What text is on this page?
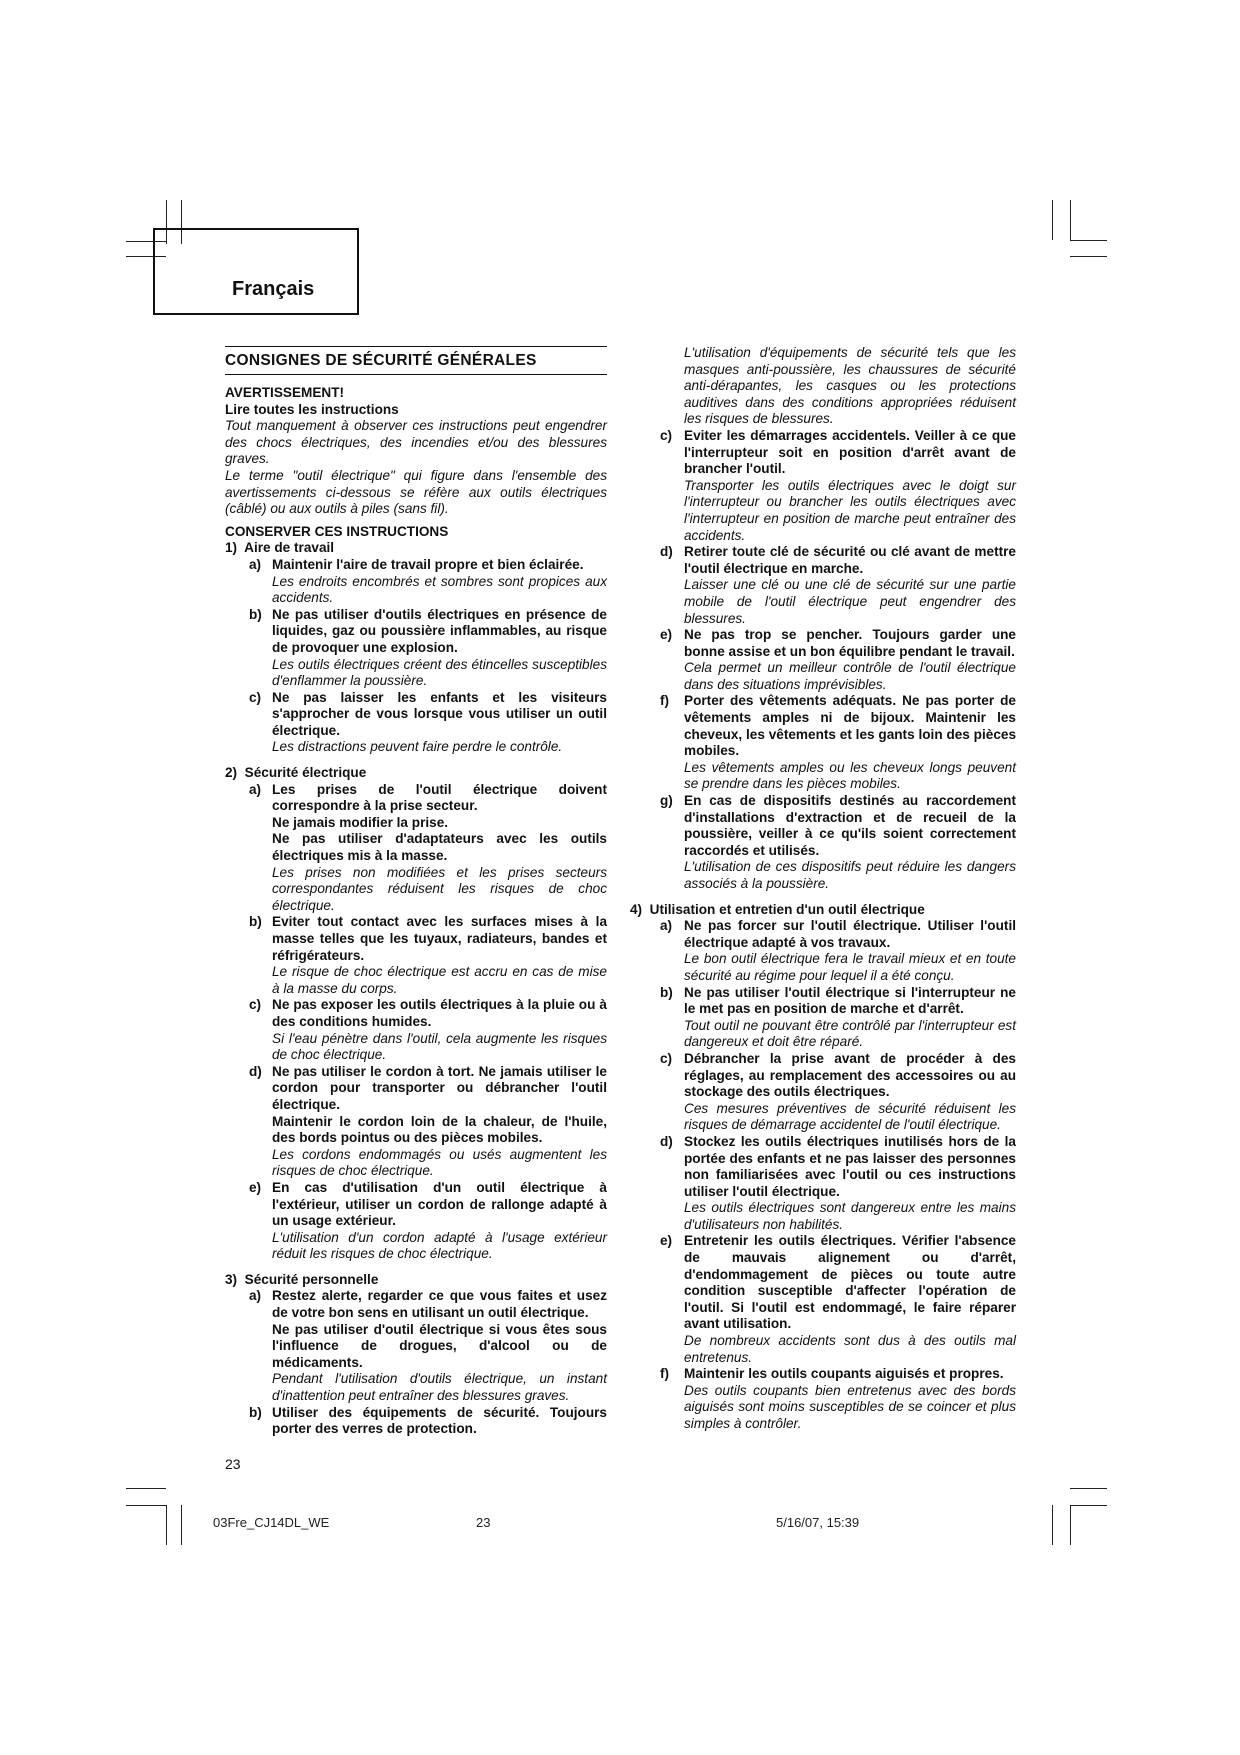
Français
CONSIGNES DE SÉCURITÉ GÉNÉRALES

AVERTISSEMENT!

Lire toutes les instructions

Tout manquement à observer ces instructions peut engendrer des chocs électriques, des incendies et/ou des blessures graves.

Le terme "outil électrique" qui figure dans l'ensemble des avertissements ci-dessous se réfère aux outils électriques (câblé) ou aux outils à piles (sans fil).

CONSERVER CES INSTRUCTIONS

1) Aire de travail

a) Maintenir l'aire de travail propre et bien éclairée.

Les endroits encombrés et sombres sont propices aux accidents.

b) Ne pas utiliser d'outils électriques en présence de liquides, gaz ou poussière inflammables, au risque de provoquer une explosion.

Les outils électriques créent des étincelles susceptibles d'enflammer la poussière.

c) Ne pas laisser les enfants et les visiteurs s'approcher de vous lorsque vous utiliser un outil électrique.

Les distractions peuvent faire perdre le contrôle.

2) Sécurité électrique

a) Les prises de l'outil électrique doivent correspondre à la prise secteur.

Ne jamais modifier la prise.

Ne pas utiliser d'adaptateurs avec les outils électriques mis à la masse.

Les prises non modifiées et les prises secteurs correspondantes réduisent les risques de choc électrique.

b) Eviter tout contact avec les surfaces mises à la masse telles que les tuyaux, radiateurs, bandes et réfrigérateurs.

Le risque de choc électrique est accru en cas de mise à la masse du corps.

c) Ne pas exposer les outils électriques à la pluie ou à des conditions humides.

Si l'eau pénètre dans l'outil, cela augmente les risques de choc électrique.

d) Ne pas utiliser le cordon à tort. Ne jamais utiliser le cordon pour transporter ou débrancher l'outil électrique.

Maintenir le cordon loin de la chaleur, de l'huile, des bords pointus ou des pièces mobiles.

Les cordons endommagés ou usés augmentent les risques de choc électrique.

e) En cas d'utilisation d'un outil électrique à l'extérieur, utiliser un cordon de rallonge adapté à un usage extérieur.

L'utilisation d'un cordon adapté à l'usage extérieur réduit les risques de choc électrique.

3) Sécurité personnelle

a) Restez alerte, regarder ce que vous faites et usez de votre bon sens en utilisant un outil électrique.

Ne pas utiliser d'outil électrique si vous êtes sous l'influence de drogues, d'alcool ou de médicaments.

Pendant l'utilisation d'outils électrique, un instant d'inattention peut entraîner des blessures graves.

b) Utiliser des équipements de sécurité. Toujours porter des verres de protection.

L'utilisation d'équipements de sécurité tels que les masques anti-poussière, les chaussures de sécurité anti-dérapantes, les casques ou les protections auditives dans des conditions appropriées réduisent les risques de blessures.

c) Eviter les démarrages accidentels. Veiller à ce que l'interrupteur soit en position d'arrêt avant de brancher l'outil.

Transporter les outils électriques avec le doigt sur l'interrupteur ou brancher les outils électriques avec l'interrupteur en position de marche peut entraîner des accidents.

d) Retirer toute clé de sécurité ou clé avant de mettre l'outil électrique en marche.

Laisser une clé ou une clé de sécurité sur une partie mobile de l'outil électrique peut engendrer des blessures.

e) Ne pas trop se pencher. Toujours garder une bonne assise et un bon équilibre pendant le travail.

Cela permet un meilleur contrôle de l'outil électrique dans des situations imprévisibles.

f) Porter des vêtements adéquats. Ne pas porter de vêtements amples ni de bijoux. Maintenir les cheveux, les vêtements et les gants loin des pièces mobiles.

Les vêtements amples ou les cheveux longs peuvent se prendre dans les pièces mobiles.

g) En cas de dispositifs destinés au raccordement d'installations d'extraction et de recueil de la poussière, veiller à ce qu'ils soient correctement raccordés et utilisés.

L'utilisation de ces dispositifs peut réduire les dangers associés à la poussière.

4) Utilisation et entretien d'un outil électrique

a) Ne pas forcer sur l'outil électrique. Utiliser l'outil électrique adapté à vos travaux.

Le bon outil électrique fera le travail mieux et en toute sécurité au régime pour lequel il a été conçu.

b) Ne pas utiliser l'outil électrique si l'interrupteur ne le met pas en position de marche et d'arrêt.

Tout outil ne pouvant être contrôlé par l'interrupteur est dangereux et doit être réparé.

c) Débrancher la prise avant de procéder à des réglages, au remplacement des accessoires ou au stockage des outils électriques.

Ces mesures préventives de sécurité réduisent les risques de démarrage accidentel de l'outil électrique.

d) Stockez les outils électriques inutilisés hors de la portée des enfants et ne pas laisser des personnes non familiarisées avec l'outil ou ces instructions utiliser l'outil électrique.

Les outils électriques sont dangereux entre les mains d'utilisateurs non habilités.

e) Entretenir les outils électriques. Vérifier l'absence de mauvais alignement ou d'arrêt, d'endommagement de pièces ou toute autre condition susceptible d'affecter l'opération de l'outil. Si l'outil est endommagé, le faire réparer avant utilisation.

De nombreux accidents sont dus à des outils mal entretenus.

f) Maintenir les outils coupants aiguisés et propres.

Des outils coupants bien entretenus avec des bords aiguisés sont moins susceptibles de se coincer et plus simples à contrôler.

23
03Fre_CJ14DL_WE	23	5/16/07, 15:39
